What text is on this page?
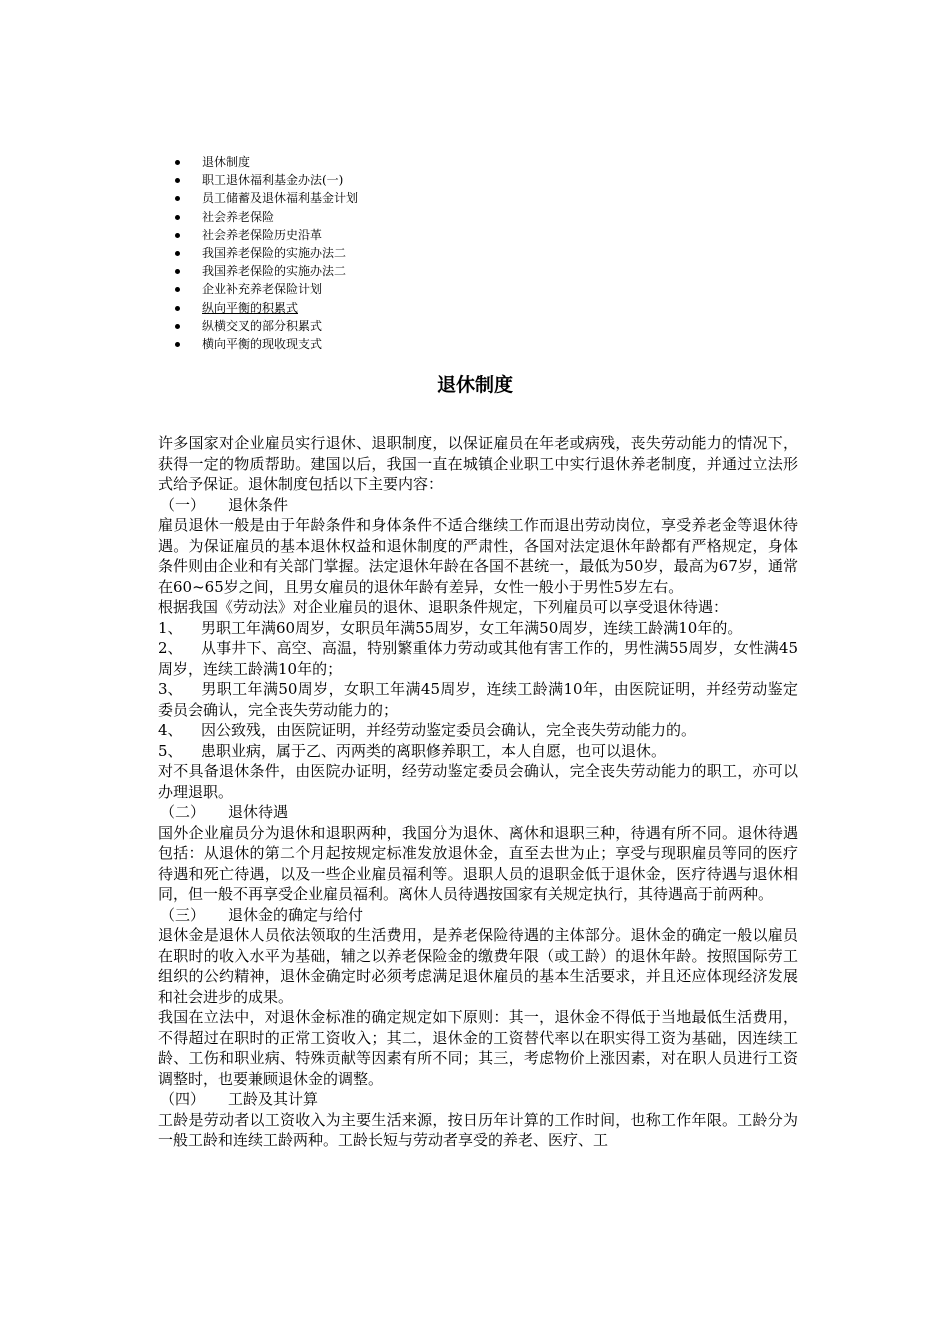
退休制度
职工退休福利基金办法(一)
员工储蓄及退休福利基金计划
社会养老保险
社会养老保险历史沿革
我国养老保险的实施办法二
我国养老保险的实施办法二
企业补充养老保险计划
纵向平衡的积累式
纵横交叉的部分积累式
横向平衡的现收现支式
退休制度

许多国家对企业雇员实行退休、退职制度，以保证雇员在年老或病残，丧失劳动能力的情况下，获得一定的物质帮助。建国以后，我国一直在城镇企业职工中实行退休养老制度，并通过立法形式给予保证。退休制度包括以下主要内容：

（一） 退休条件

雇员退休一般是由于年龄条件和身体条件不适合继续工作而退出劳动岗位，享受养老金等退休待遇。为保证雇员的基本退休权益和退休制度的严肃性，各国对法定退休年龄都有严格规定，身体条件则由企业和有关部门掌握。法定退休年龄在各国不甚统一，最低为50岁，最高为67岁，通常在60~65岁之间，且男女雇员的退休年龄有差异，女性一般小于男性5岁左右。

根据我国《劳动法》对企业雇员的退休、退职条件规定，下列雇员可以享受退休待遇：

1、 男职工年满60周岁，女职员年满55周岁，女工年满50周岁，连续工龄满10年的。

2、 从事井下、高空、高温，特别繁重体力劳动或其他有害工作的，男性满55周岁，女性满45周岁，连续工龄满10年的；

3、 男职工年满50周岁，女职工年满45周岁，连续工龄满10年，由医院证明，并经劳动鉴定委员会确认，完全丧失劳动能力的；

4、 因公致残，由医院证明，并经劳动鉴定委员会确认，完全丧失劳动能力的。

5、 患职业病，属于乙、丙两类的离职修养职工，本人自愿，也可以退休。

对不具备退休条件，由医院办证明，经劳动鉴定委员会确认，完全丧失劳动能力的职工，亦可以办理退职。

（二） 退休待遇

国外企业雇员分为退休和退职两种，我国分为退休、离休和退职三种，待遇有所不同。退休待遇包括：从退休的第二个月起按规定标准发放退休金，直至去世为止；享受与现职雇员等同的医疗待遇和死亡待遇，以及一些企业雇员福利等。退职人员的退职金低于退休金，医疗待遇与退休相同，但一般不再享受企业雇员福利。离休人员待遇按国家有关规定执行，其待遇高于前两种。

（三） 退休金的确定与给付

退休金是退休人员依法领取的生活费用，是养老保险待遇的主体部分。退休金的确定一般以雇员在职时的收入水平为基础，辅之以养老保险金的缴费年限（或工龄）的退休年龄。按照国际劳工组织的公约精神，退休金确定时必须考虑满足退休雇员的基本生活要求，并且还应体现经济发展和社会进步的成果。

我国在立法中，对退休金标准的确定规定如下原则：其一，退休金不得低于当地最低生活费用，不得超过在职时的正常工资收入；其二，退休金的工资替代率以在职实得工资为基础，因连续工龄、工伤和职业病、特殊贡献等因素有所不同；其三，考虑物价上涨因素，对在职人员进行工资调整时，也要兼顾退休金的调整。

（四） 工龄及其计算

工龄是劳动者以工资收入为主要生活来源，按日历年计算的工作时间，也称工作年限。工龄分为一般工龄和连续工龄两种。工龄长短与劳动者享受的养老、医疗、工
